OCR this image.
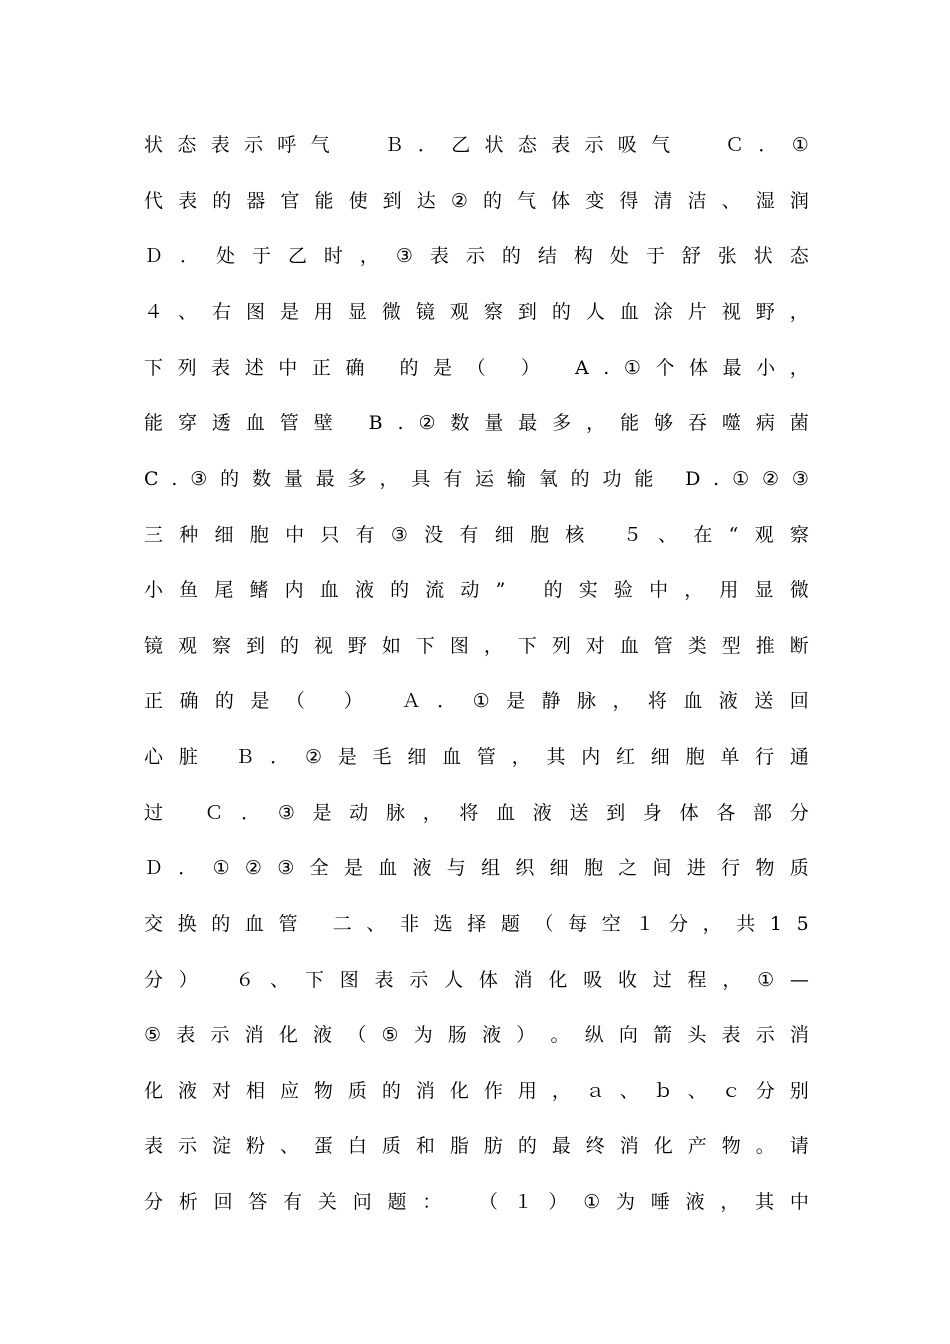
状 态 表 示 呼 气

	Ｂ ． 乙 状 态 表 示 吸 气

	Ｃ ． ①
代 表 的 器 官 能 使 到 达 ② 的 气 体 变 得 清 洁 、 湿 润
Ｄ ． 处 于 乙 时 ， ③ 表 示 的 结 构 处 于 舒 张 状 态
４ 、 右 图 是 用 显 微 镜 观 察 到 的 人 血 涂 片 视 野 ，
下 列 表 述 中 正 确
的 是 （
）
A . ① 个 体 最 小 ，
能 穿 透 血 管 壁
B . ② 数 量 最 多 ， 能 够 吞 噬 病 菌
C . ③ 的 数 量 最 多 ， 具 有 运 输 氧 的 功 能
D . ① ② ③
三 种 细 胞 中 只 有 ③ 没 有 细 胞 核
５ 、 在 “ 观 察
小 鱼 尾 鳍 内 血 液 的 流 动 ”
的 实 验 中 ， 用 显 微
镜 观 察 到 的 视 野 如 下 图 ， 下 列 对 血 管 类 型 推 断
正 确 的 是 （
）
Ａ ． ① 是 静 脉 ， 将 血 液 送 回
心 脏
Ｂ ． ② 是 毛 细 血 管 ， 其 内 红 细 胞 单 行 通
过
Ｃ ． ③ 是 动 脉 ， 将 血 液 送 到 身 体 各 部 分
Ｄ ． ① ② ③ 全 是 血 液 与 组 织 细 胞 之 间 进 行 物 质
交 换 的 血 管
二 、 非 选 择 题 （ 每 空 １ 分 ， 共 1 5
分 ）
６ 、 下 图 表 示 人 体 消 化 吸 收 过 程 ， ① —
⑤ 表 示 消 化 液 （ ⑤ 为 肠 液 ） 。 纵 向 箭 头 表 示 消
化 液 对 相 应 物 质 的 消 化 作 用 ， ａ 、 ｂ 、 ｃ 分 别
表 示 淀 粉 、 蛋 白 质 和 脂 肪 的 最 终 消 化 产 物 。 请
分 析 回 答 有 关 问 题 ：
（ １ ） ① 为 唾 液 ， 其 中
